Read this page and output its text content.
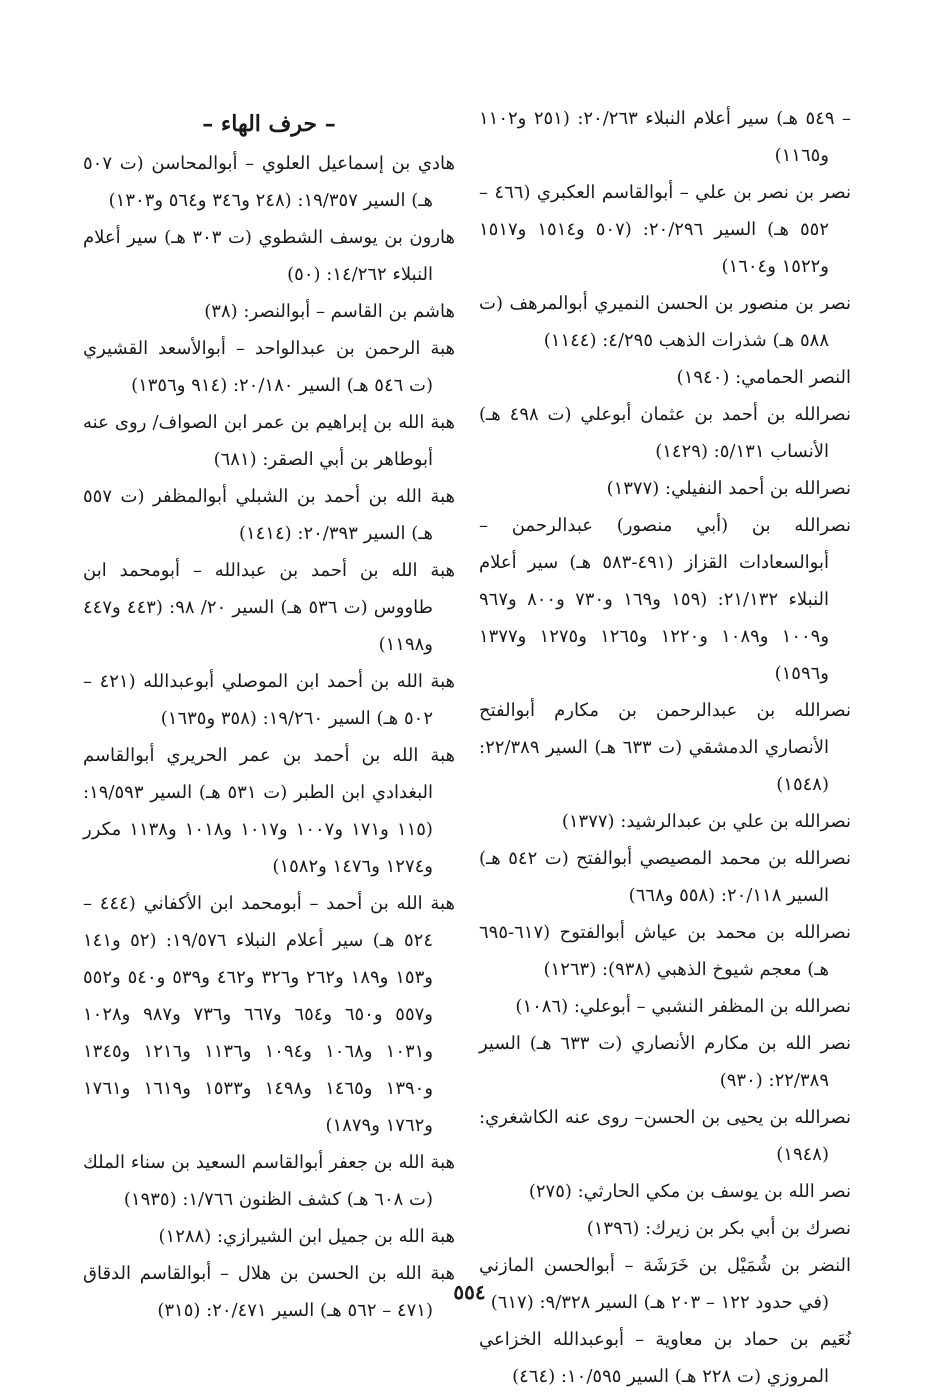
– ٥٤٩ هـ) سير أعلام النبلاء ٢٠/٢٦٣: (٢٥١ و١١٠٢ و١١٦٥)

نصر بن نصر بن علي – أبوالقاسم العكبري (٤٦٦ – ٥٥٢ هـ) السير ٢٠/٢٩٦: (٥٠٧ و١٥١٤ و١٥١٧ و١٥٢٢ و١٦٠٤)

نصر بن منصور بن الحسن النميري أبوالمرهف (ت ٥٨٨ هـ) شذرات الذهب ٤/٢٩٥: (١١٤٤)

النصر الحمامي: (١٩٤٠)

نصرالله بن أحمد بن عثمان أبوعلي (ت ٤٩٨ هـ) الأنساب ٥/١٣١: (١٤٢٩)

نصرالله بن أحمد النفيلي: (١٣٧٧)

نصرالله بن (أبي منصور) عبدالرحمن – أبوالسعادات القزاز (٤٩١-٥٨٣ هـ) سير أعلام النبلاء ٢١/١٣٢: (١٥٩ و١٦٩ و٧٣٠ و٨٠٠ و٩٦٧ و١٠٠٩ و١٠٨٩ و١٢٢٠ و١٢٦٥ و١٢٧٥ و١٣٧٧ و١٥٩٦)

نصرالله بن عبدالرحمن بن مكارم أبوالفتح الأنصاري الدمشقي (ت ٦٣٣ هـ) السير ٢٢/٣٨٩: (١٥٤٨)

نصرالله بن علي بن عبدالرشيد: (١٣٧٧)

نصرالله بن محمد المصيصي أبوالفتح (ت ٥٤٢ هـ) السير ٢٠/١١٨: (٥٥٨ و٦٦٨)

نصرالله بن محمد بن عياش أبوالفتوح (٦١٧-٦٩٥ هـ) معجم شيوخ الذهبي (٩٣٨): (١٢٦٣)

نصرالله بن المظفر النشبي – أبوعلي: (١٠٨٦)

نصر الله بن مكارم الأنصاري (ت ٦٣٣ هـ) السير ٢٢/٣٨٩: (٩٣٠)

نصرالله بن يحيى بن الحسن– روى عنه الكاشغري: (١٩٤٨)

نصر الله بن يوسف بن مكي الحارثي: (٢٧٥)

نصرك بن أبي بكر بن زيرك: (١٣٩٦)

النضر بن شُمَيْل بن خَرَشَة – أبوالحسن المازني (في حدود ١٢٢ – ٢٠٣ هـ) السير ٩/٣٢٨: (٦١٧)

نُعَيم بن حماد بن معاوية – أبوعبدالله الخزاعي المروزي (ت ٢٢٨ هـ) السير ١٠/٥٩٥: (٤٦٤)

– حرف الهاء –

هادي بن إسماعيل العلوي – أبوالمحاسن (ت ٥٠٧ هـ) السير ١٩/٣٥٧: (٢٤٨ و٣٤٦ و٥٦٤ و١٣٠٣)

هارون بن يوسف الشطوي (ت ٣٠٣ هـ) سير أعلام النبلاء ١٤/٢٦٢: (٥٠)

هاشم بن القاسم – أبوالنصر: (٣٨)

هبة الرحمن بن عبدالواحد – أبوالأسعد القشيري (ت ٥٤٦ هـ) السير ٢٠/١٨٠: (٩١٤ و١٣٥٦)

هبة الله بن إبراهيم بن عمر ابن الصواف/ روى عنه أبوطاهر بن أبي الصقر: (٦٨١)

هبة الله بن أحمد بن الشبلي أبوالمظفر (ت ٥٥٧ هـ) السير ٢٠/٣٩٣: (١٤١٤)

هبة الله بن أحمد بن عبدالله – أبومحمد ابن طاووس (ت ٥٣٦ هـ) السير ٢٠/ ٩٨: (٤٤٣ و٤٤٧ و١١٩٨)

هبة الله بن أحمد ابن الموصلي أبوعبدالله (٤٢١ – ٥٠٢ هـ) السير ١٩/٢٦٠: (٣٥٨ و١٦٣٥)

هبة الله بن أحمد بن عمر الحريري أبوالقاسم البغدادي ابن الطبر (ت ٥٣١ هـ) السير ١٩/٥٩٣: (١١٥ و١٧١ و١٠٠٧ و١٠١٧ و١٠١٨ و١١٣٨ مكرر و١٢٧٤ و١٤٧٦ و١٥٨٢)

هبة الله بن أحمد – أبومحمد ابن الأكفاني (٤٤٤ – ٥٢٤ هـ) سير أعلام النبلاء ١٩/٥٧٦: (٥٢ و١٤١ و١٥٣ و١٨٩ و٢٦٢ و٣٢٦ و٤٦٢ و٥٣٩ و٥٤٠ و٥٥٢ و٥٥٧ و٦٥٠ و٦٥٤ و٦٦٧ و٧٣٦ و٩٨٧ و١٠٢٨ و١٠٣١ و١٠٦٨ و١٠٩٤ و١١٣٦ و١٢١٦ و١٣٤٥ و١٣٩٠ و١٤٦٥ و١٤٩٨ و١٥٣٣ و١٦١٩ و١٧٦١ و١٧٦٢ و١٨٧٩)

هبة الله بن جعفر أبوالقاسم السعيد بن سناء الملك (ت ٦٠٨ هـ) كشف الظنون ١/٧٦٦: (١٩٣٥)

هبة الله بن جميل ابن الشيرازي: (١٢٨٨)

هبة الله بن الحسن بن هلال – أبوالقاسم الدقاق (٤٧١ – ٥٦٢ هـ) السير ٢٠/٤٧١: (٣١٥)

٥٥٤
